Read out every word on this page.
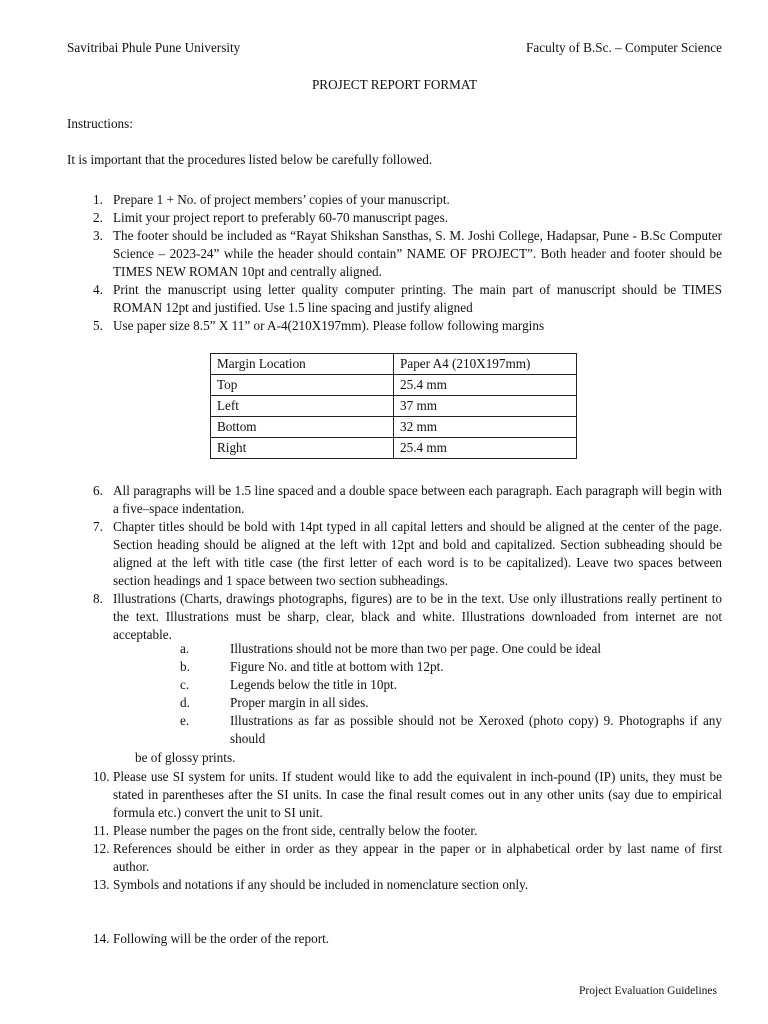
Savitribai Phule Pune University	Faculty of B.Sc. – Computer Science
PROJECT REPORT FORMAT
Instructions:
It is important that the procedures listed below be carefully followed.
1. Prepare 1 + No. of project members’ copies of your manuscript.
2. Limit your project report to preferably 60-70 manuscript pages.
3. The footer should be included as “Rayat Shikshan Sansthas, S. M. Joshi College, Hadapsar, Pune - B.Sc Computer Science – 2023-24” while the header should contain” NAME OF PROJECT”. Both header and footer should be TIMES NEW ROMAN 10pt and centrally aligned.
4. Print the manuscript using letter quality computer printing. The main part of manuscript should be TIMES ROMAN 12pt and justified. Use 1.5 line spacing and justify aligned
5. Use paper size 8.5” X 11” or A-4(210X197mm). Please follow following margins
Margin Location	Paper A4 (210X197mm)
Top	25.4 mm
Left	37 mm
Bottom	32 mm
Right	25.4 mm
6. All paragraphs will be 1.5 line spaced and a double space between each paragraph. Each paragraph will begin with a five–space indentation.
7. Chapter titles should be bold with 14pt typed in all capital letters and should be aligned at the center of the page. Section heading should be aligned at the left with 12pt and bold and capitalized. Section subheading should be aligned at the left with title case (the first letter of each word is to be capitalized). Leave two spaces between section headings and 1 space between two section subheadings.
8. Illustrations (Charts, drawings photographs, figures) are to be in the text. Use only illustrations really pertinent to the text. Illustrations must be sharp, clear, black and white. Illustrations downloaded from internet are not acceptable.
a.	Illustrations should not be more than two per page. One could be ideal
b.	Figure No. and title at bottom with 12pt.
c.	Legends below the title in 10pt.
d.	Proper margin in all sides.
e.	Illustrations as far as possible should not be Xeroxed (photo copy) 9. Photographs if any should
be of glossy prints.
10. Please use SI system for units. If student would like to add the equivalent in inch-pound (IP) units, they must be stated in parentheses after the SI units. In case the final result comes out in any other units (say due to empirical formula etc.) convert the unit to SI unit.
11. Please number the pages on the front side, centrally below the footer.
12. References should be either in order as they appear in the paper or in alphabetical order by last name of first author.
13. Symbols and notations if any should be included in nomenclature section only.
14. Following will be the order of the report.
Project Evaluation Guidelines
